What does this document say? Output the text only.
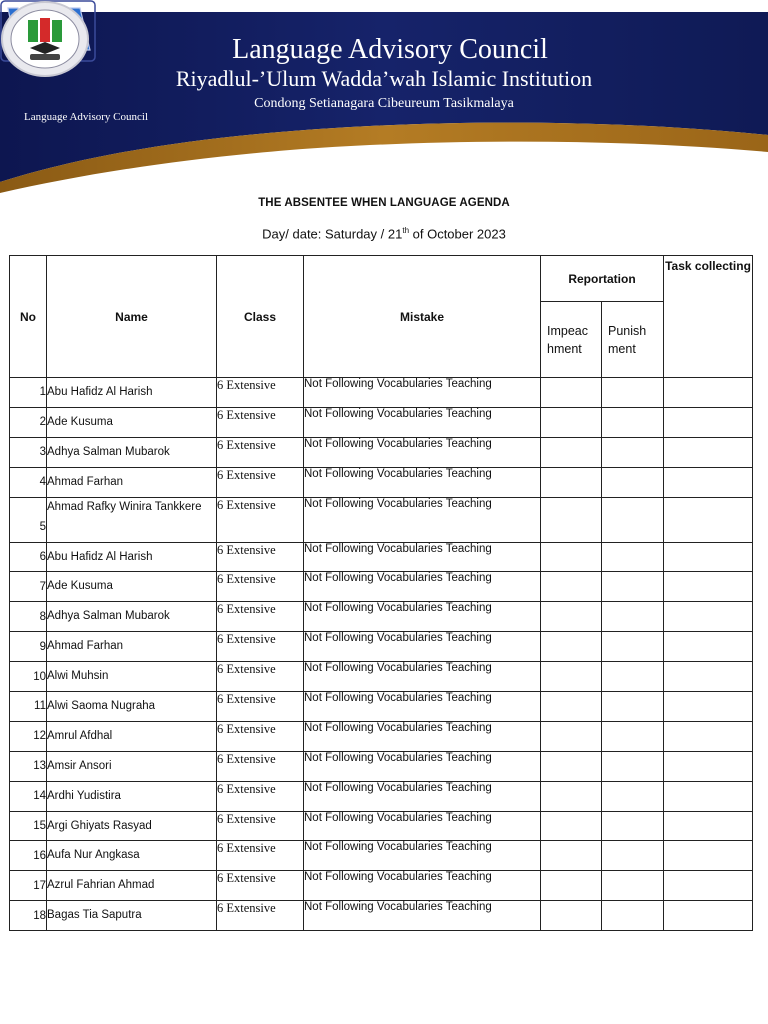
Language Advisory Council
Language Advisory Council
Riyadlul-’Ulum Wadda’wah Islamic Institution
Condong Setianagara Cibeureum Tasikmalaya
THE ABSENTEE WHEN LANGUAGE AGENDA
Day/ date: Saturday / 21th of October 2023
No	Name	Class	Mistake	Reportation		Task collecting
				Impeac hment	Punish ment	
1	Abu Hafidz Al Harish	6 Extensive	Not Following Vocabularies Teaching			
2	Ade Kusuma	6 Extensive	Not Following Vocabularies Teaching			
3	Adhya Salman Mubarok	6 Extensive	Not Following Vocabularies Teaching			
4	Ahmad Farhan	6 Extensive	Not Following Vocabularies Teaching			
5	Ahmad Rafky Winira Tankkere	6 Extensive	Not Following Vocabularies Teaching			
6	Abu Hafidz Al Harish	6 Extensive	Not Following Vocabularies Teaching			
7	Ade Kusuma	6 Extensive	Not Following Vocabularies Teaching			
8	Adhya Salman Mubarok	6 Extensive	Not Following Vocabularies Teaching			
9	Ahmad Farhan	6 Extensive	Not Following Vocabularies Teaching			
10	Alwi Muhsin	6 Extensive	Not Following Vocabularies Teaching			
11	Alwi Saoma Nugraha	6 Extensive	Not Following Vocabularies Teaching			
12	Amrul Afdhal	6 Extensive	Not Following Vocabularies Teaching			
13	Amsir Ansori	6 Extensive	Not Following Vocabularies Teaching			
14	Ardhi Yudistira	6 Extensive	Not Following Vocabularies Teaching			
15	Argi Ghiyats Rasyad	6 Extensive	Not Following Vocabularies Teaching			
16	Aufa Nur Angkasa	6 Extensive	Not Following Vocabularies Teaching			
17	Azrul Fahrian Ahmad	6 Extensive	Not Following Vocabularies Teaching			
18	Bagas Tia Saputra	6 Extensive	Not Following Vocabularies Teaching			
